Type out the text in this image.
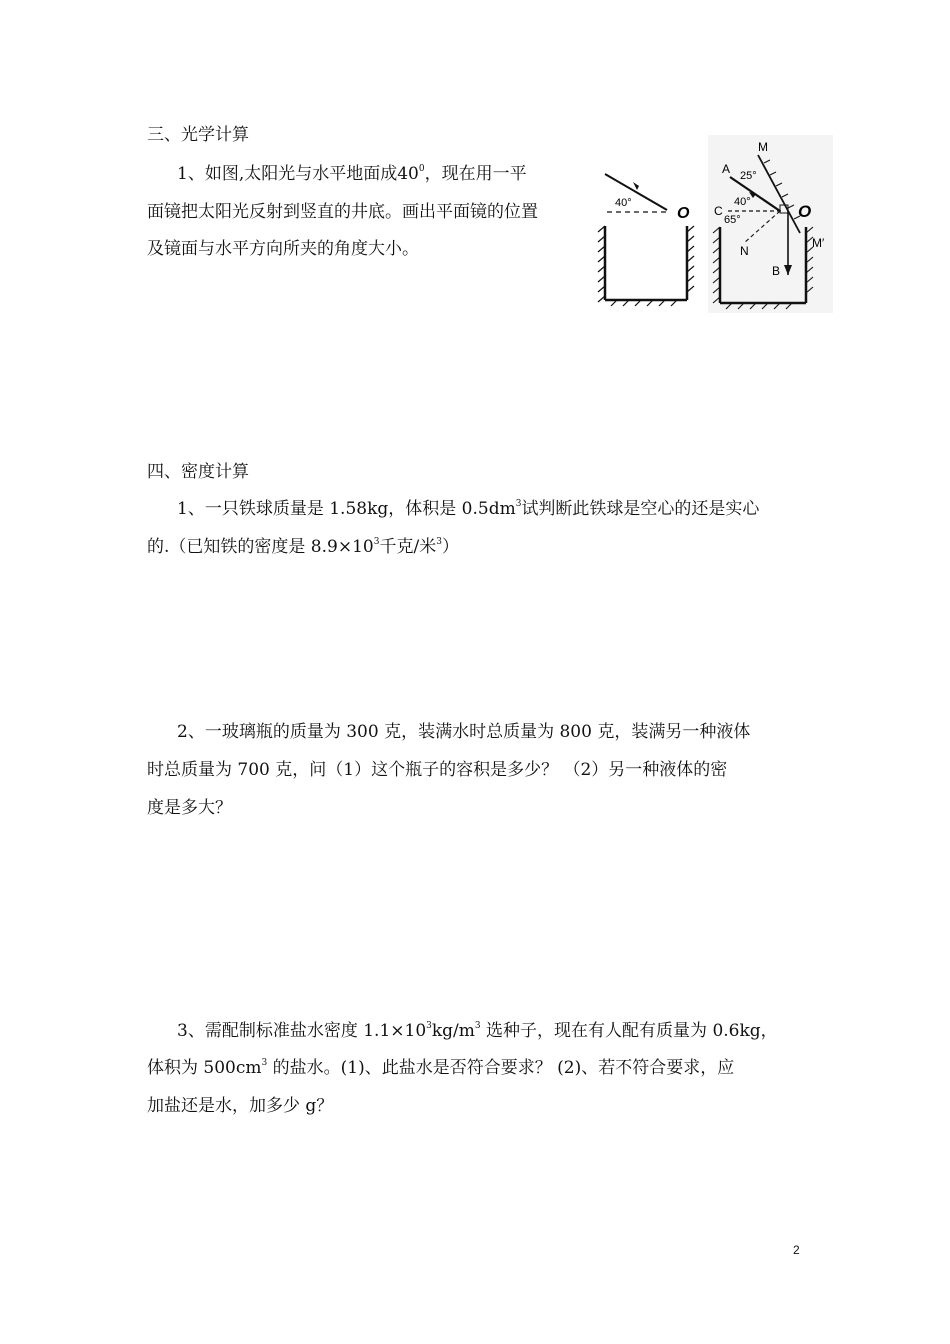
三、光学计算
1、如图,太阳光与水平地面成$40^0$，现在用一平
面镜把太阳光反射到竖直的井底。画出平面镜的位置
及镜面与水平方向所夹的角度大小。
40°
O
M
A 25°
C
40°
65°
N
O
B
M′
四、密度计算
1、一只铁球质量是 1.58kg，体积是 $0.5dm^3$试判断此铁球是空心的还是实心
的.（已知铁的密度是 $8.9\times 10^3$千克/米$^3$）
2、一玻璃瓶的质量为 300 克，装满水时总质量为 800 克，装满另一种液体
时总质量为 700 克，问（1）这个瓶子的容积是多少？ （2）另一种液体的密
度是多大？
3、需配制标准盐水密度 $1.1\times 10^3kg/m^3$ 选种子，现在有人配有质量为 0.6kg，
体积为 $500cm^3$ 的盐水。(1)、此盐水是否符合要求？ (2)、若不符合要求，应
加盐还是水，加多少 g？
2
